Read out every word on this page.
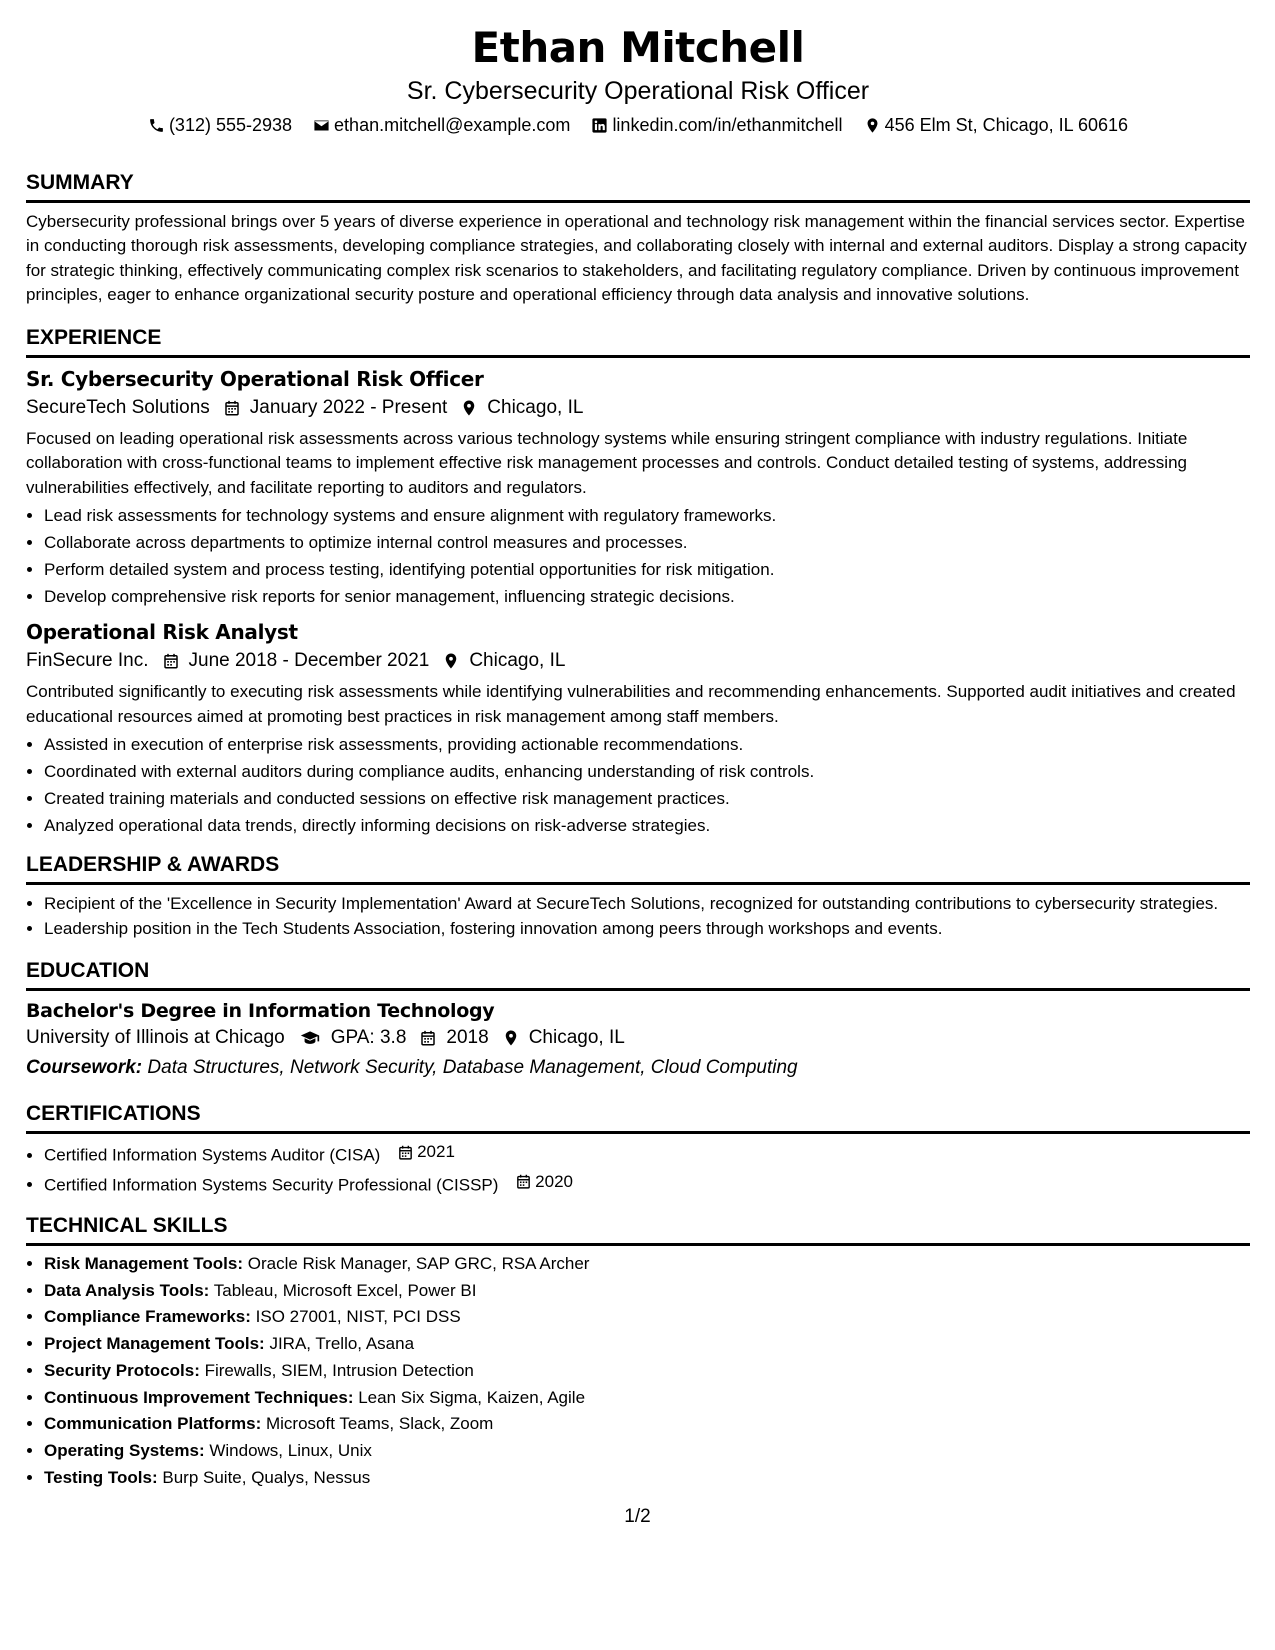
Ethan Mitchell
Sr. Cybersecurity Operational Risk Officer
(312) 555-2938
ethan.mitchell@example.com
linkedin.com/in/ethanmitchell
456 Elm St, Chicago, IL 60616
SUMMARY

Cybersecurity professional brings over 5 years of diverse experience in operational and technology risk management within the financial services sector. Expertise in conducting thorough risk assessments, developing compliance strategies, and collaborating closely with internal and external auditors. Display a strong capacity for strategic thinking, effectively communicating complex risk scenarios to stakeholders, and facilitating regulatory compliance. Driven by continuous improvement principles, eager to enhance organizational security posture and operational efficiency through data analysis and innovative solutions.

EXPERIENCE
Sr. Cybersecurity Operational Risk Officer
SecureTech Solutions January 2022 - Present Chicago, IL

Focused on leading operational risk assessments across various technology systems while ensuring stringent compliance with industry regulations. Initiate collaboration with cross-functional teams to implement effective risk management processes and controls. Conduct detailed testing of systems, addressing vulnerabilities effectively, and facilitate reporting to auditors and regulators.

• Lead risk assessments for technology systems and ensure alignment with regulatory frameworks.
• Collaborate across departments to optimize internal control measures and processes.
• Perform detailed system and process testing, identifying potential opportunities for risk mitigation.
• Develop comprehensive risk reports for senior management, influencing strategic decisions.
Operational Risk Analyst
FinSecure Inc. June 2018 - December 2021 Chicago, IL

Contributed significantly to executing risk assessments while identifying vulnerabilities and recommending enhancements. Supported audit initiatives and created educational resources aimed at promoting best practices in risk management among staff members.

• Assisted in execution of enterprise risk assessments, providing actionable recommendations.
• Coordinated with external auditors during compliance audits, enhancing understanding of risk controls.
• Created training materials and conducted sessions on effective risk management practices.
• Analyzed operational data trends, directly informing decisions on risk-adverse strategies.
LEADERSHIP & AWARDS
• Recipient of the 'Excellence in Security Implementation' Award at SecureTech Solutions, recognized for outstanding contributions to cybersecurity strategies.
• Leadership position in the Tech Students Association, fostering innovation among peers through workshops and events.
EDUCATION
Bachelor's Degree in Information Technology
University of Illinois at Chicago GPA: 3.8 2018 Chicago, IL
Coursework: Data Structures, Network Security, Database Management, Cloud Computing
CERTIFICATIONS
• Certified Information Systems Auditor (CISA) 2021
• Certified Information Systems Security Professional (CISSP) 2020
TECHNICAL SKILLS
• Risk Management Tools: Oracle Risk Manager, SAP GRC, RSA Archer
• Data Analysis Tools: Tableau, Microsoft Excel, Power BI
• Compliance Frameworks: ISO 27001, NIST, PCI DSS
• Project Management Tools: JIRA, Trello, Asana
• Security Protocols: Firewalls, SIEM, Intrusion Detection
• Continuous Improvement Techniques: Lean Six Sigma, Kaizen, Agile
• Communication Platforms: Microsoft Teams, Slack, Zoom
• Operating Systems: Windows, Linux, Unix
• Testing Tools: Burp Suite, Qualys, Nessus
1/2
